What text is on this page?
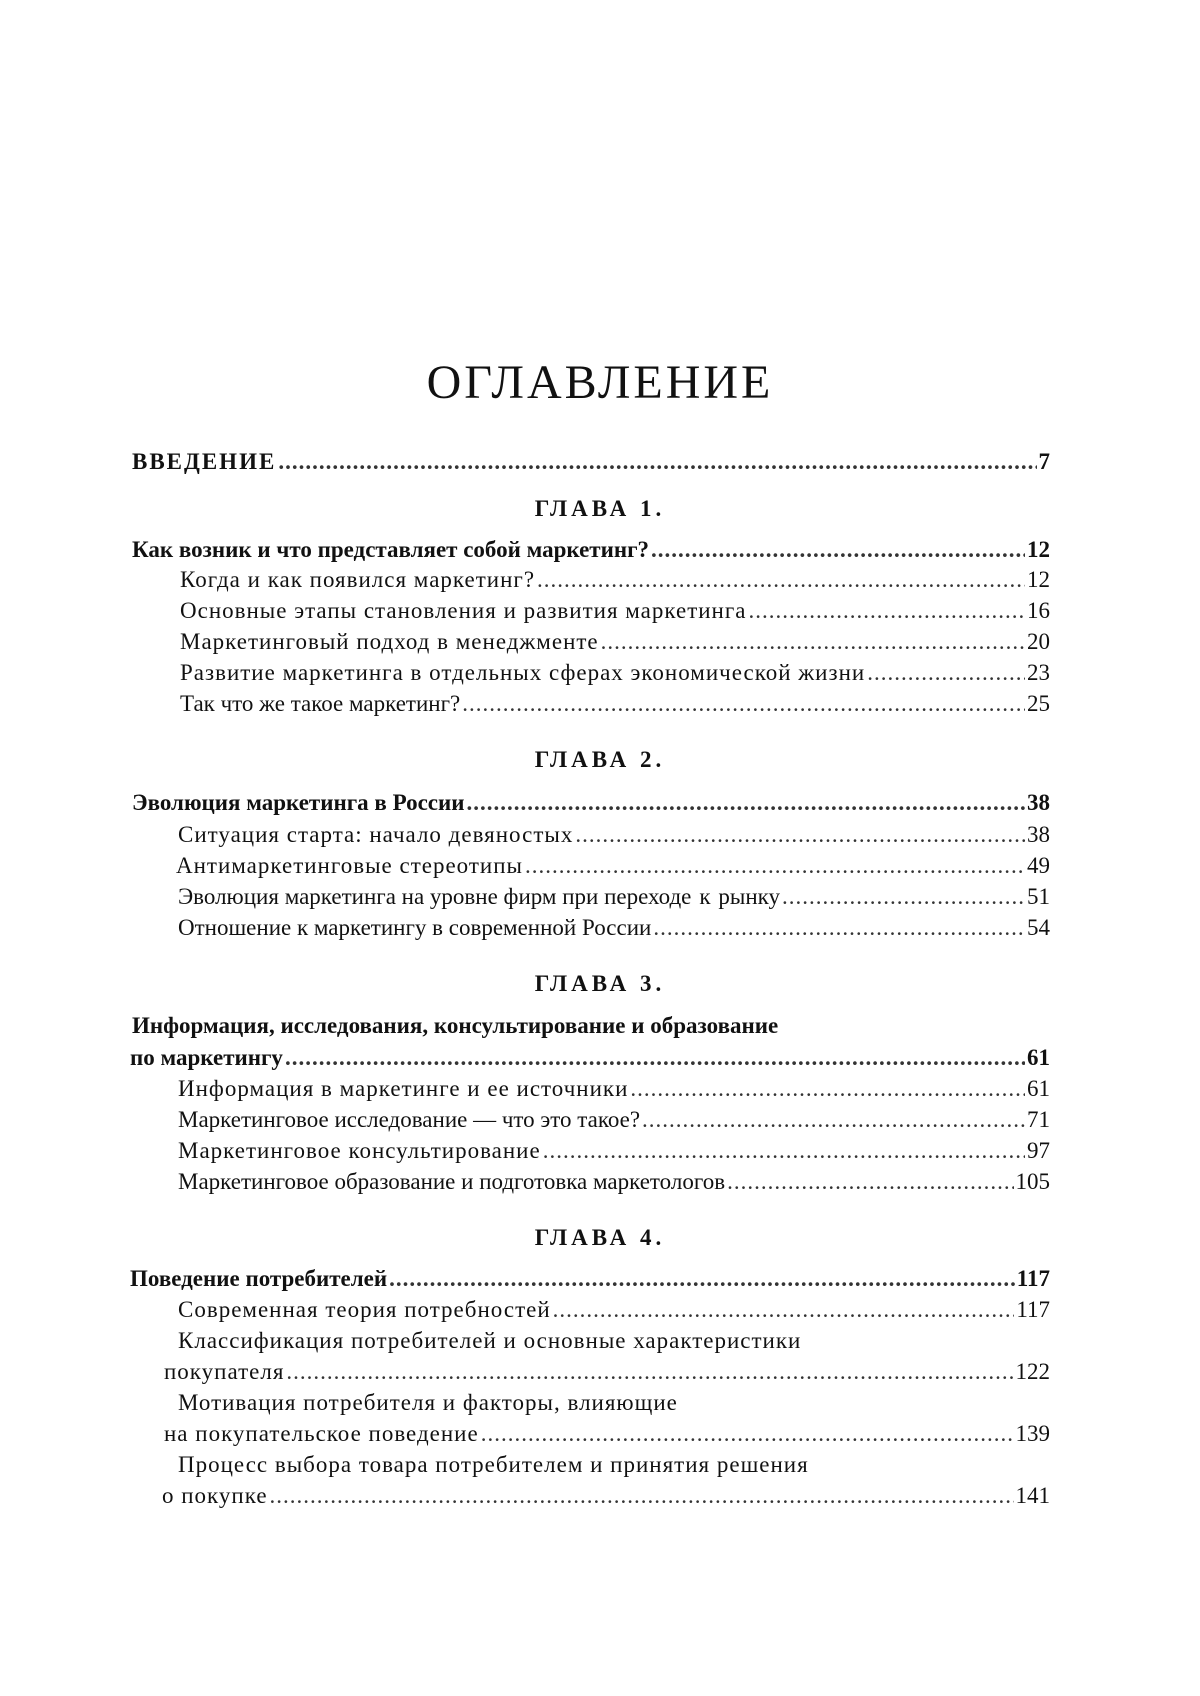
ОГЛАВЛЕНИЕ
ВВЕДЕНИЕ .....	7
ГЛАВА 1.
Как возник и что представляет собой маркетинг? .....	12
Когда и как появился маркетинг? .....	12
Основные этапы становления и развития маркетинга .....	16
Маркетинговый подход в менеджменте .....	20
Развитие маркетинга в отдельных сферах экономической жизни .....	23
Так что же такое маркетинг? .....	25
ГЛАВА 2.
Эволюция маркетинга в России .....	38
Ситуация старта: начало девяностых .....	38
Антимаркетинговые стереотипы .....	49
Эволюция маркетинга на уровне фирм при переходе к рынку .....	51
Отношение к маркетингу в современной России .....	54
ГЛАВА 3.
Информация, исследования, консультирование и образование
по маркетингу .....	61
Информация в маркетинге и ее источники .....	61
Маркетинговое исследование — что это такое? .....	71
Маркетинговое консультирование .....	97
Маркетинговое образование и подготовка маркетологов .....	105
ГЛАВА 4.
Поведение потребителей .....	117
Современная теория потребностей .....	117
Классификация потребителей и основные характеристики
покупателя .....	122
Мотивация потребителя и факторы, влияющие
на покупательское поведение .....	139
Процесс выбора товара потребителем и принятия решения
о покупке .....	141
